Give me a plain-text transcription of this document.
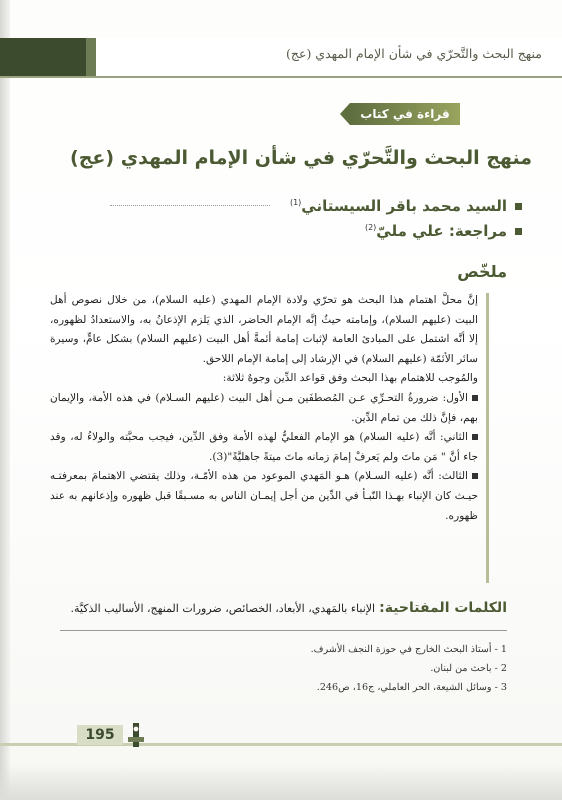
منهج البحث والتَّحرّي في شأن الإمام المهدي (عج)
قراءة في كتاب
منهج البحث والتَّحرّي في شأن الإمام المهدي (عج)
السيد محمد باقر السيستاني$^{(1)}$
مراجعة: علي مليّ$^{(2)}$
ملخّص

إنَّ محلَّ اهتمام هذا البحث هو تحرّي ولادة الإمام المهدي (عليه السلام)، من خلال نصوص أهل البيت (عليهم السلام)، وإمامته حيثُ إنَّه الإمام الحاضر، الذي يَلزم الإذعانُ به، والاستعدادُ لظهوره، إلا أنَّه اشتمل على المبادئ العامة لإثبات إمامة أئمةَّ أهل البيت (عليهم السلام) بشكل عامٍّ، وسيرة سائر الأئمّة (عليهم السلام) في الإرشاد إلى إمامة الإمام اللاحق.

والمُوجب للاهتمام بهذا البحث وفق قواعد الدِّين وجوهٌ ثلاثة:

الأول: ضرورةُ التحـرِّي عـن المُصطفَين مـن أهل البيت (عليهم السـلام) في هذه الأمة، والإيمان بهم، فإنَّ ذلك من تمام الدِّين.

الثاني: أنَّه (عليه السلام) هو الإمام الفعليُّ لهذه الأمة وفق الدِّين، فيجب محبَّته والولاءُ له، وقد جاء أنَّ " مَن ماتَ ولم يَعرفْ إمامَ زمانه ماتَ ميتةً جاهليَّةً"(3).

الثالث: أنَّه (عليه السـلام) هـو المَهدي الموعود من هذه الأمّـة، وذلك يقتضي الاهتمامَ بمعرفتـه حيـث كان الإنباء بهـذا النّبـأ في الدِّين من أجل إيمـان الناس به مسـبقًا قبل ظهوره وإذعانهم به عند ظهوره.

الكلمات المفتاحية:الإنباء بالمَهدي، الأبعاد، الخصائص، ضرورات المنهج، الأساليب الذكيَّة.
1 - أستاذ البحث الخارج في حوزة النجف الأشرف.
2 - باحث من لبنان.
3 - وسائل الشيعة، الحر العاملي، ج16، ص246.
195
